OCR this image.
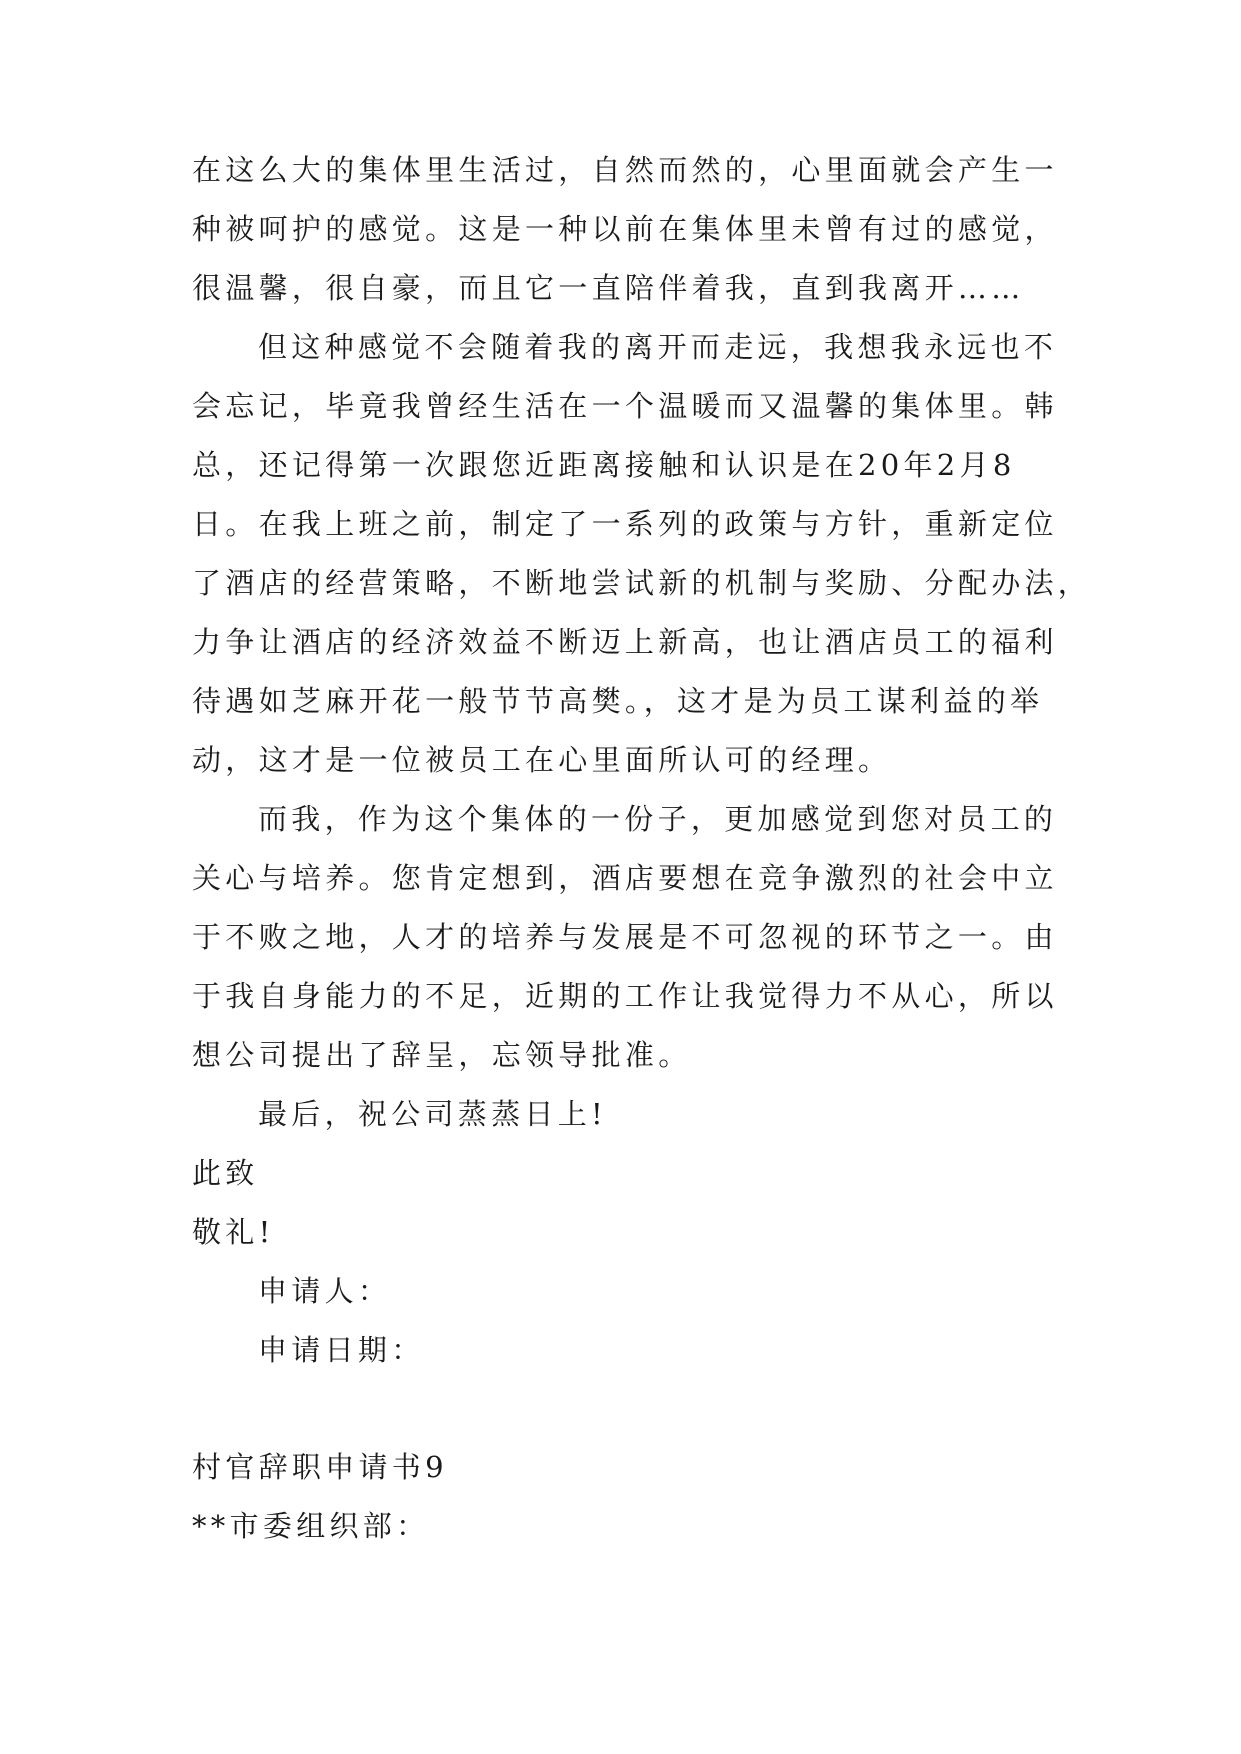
在这么大的集体里生活过，自然而然的，心里面就会产生一
种被呵护的感觉。这是一种以前在集体里未曾有过的感觉，
很温馨，很自豪，而且它一直陪伴着我，直到我离开……
但这种感觉不会随着我的离开而走远，我想我永远也不
会忘记，毕竟我曾经生活在一个温暖而又温馨的集体里。韩
总，还记得第一次跟您近距离接触和认识是在20年2月8
日。在我上班之前，制定了一系列的政策与方针，重新定位
了酒店的经营策略，不断地尝试新的机制与奖励、分配办法，
力争让酒店的经济效益不断迈上新高，也让酒店员工的福利
待遇如芝麻开花一般节节高樊。，这才是为员工谋利益的举
动，这才是一位被员工在心里面所认可的经理。
而我，作为这个集体的一份子，更加感觉到您对员工的
关心与培养。您肯定想到，酒店要想在竞争激烈的社会中立
于不败之地，人才的培养与发展是不可忽视的环节之一。由
于我自身能力的不足，近期的工作让我觉得力不从心，所以
想公司提出了辞呈，忘领导批准。
最后，祝公司蒸蒸日上!
此致
敬礼!
申请人：
申请日期：
村官辞职申请书9
**市委组织部：
